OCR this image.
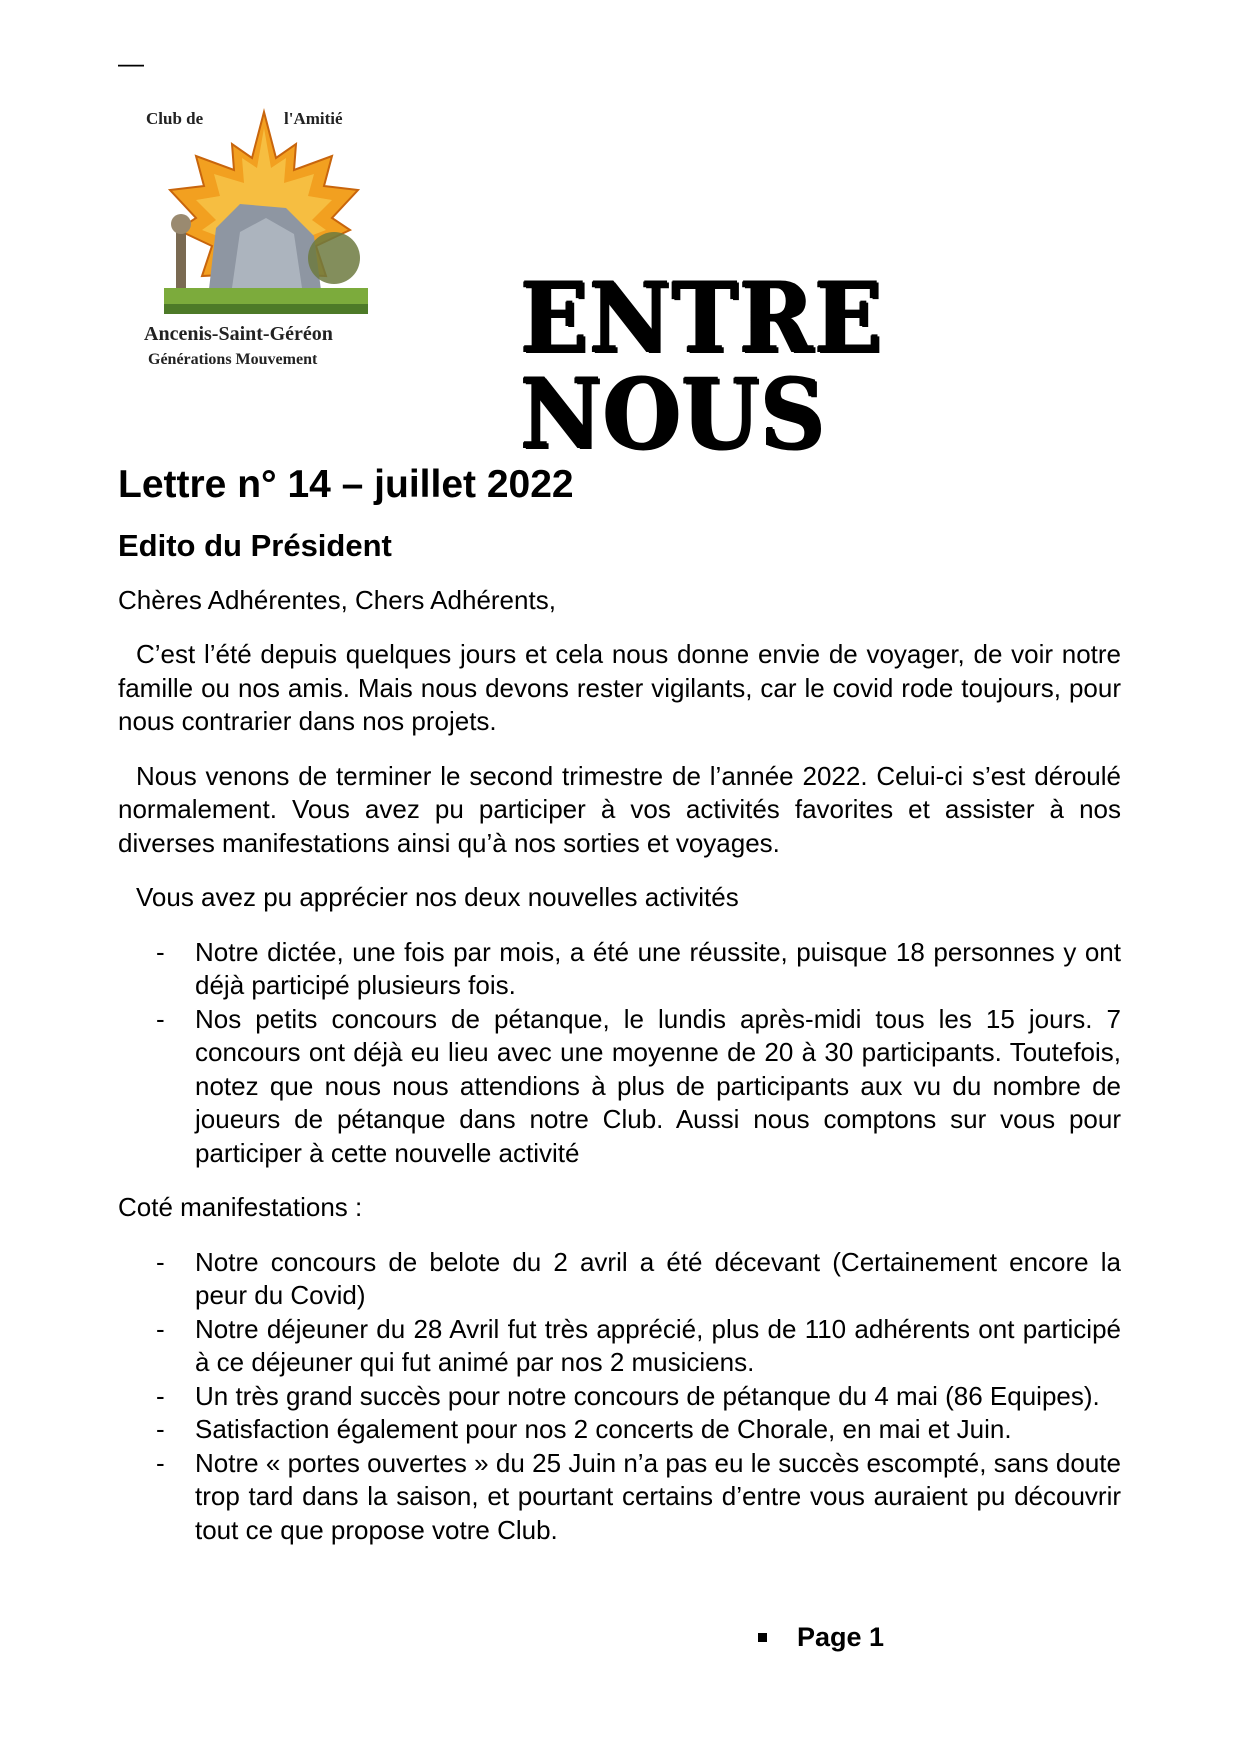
—
Club de	l'Amitié
Ancenis-Saint-Géréon
Générations Mouvement ENTRE NOUS
Lettre n° 14 – juillet 2022
Edito du Président

Chères Adhérentes, Chers Adhérents,

C’est l’été depuis quelques jours et cela nous donne envie de voyager, de voir notre famille ou nos amis. Mais nous devons rester vigilants, car le covid rode toujours, pour nous contrarier dans nos projets.

Nous venons de terminer le second trimestre de l’année 2022. Celui-ci s’est déroulé normalement. Vous avez pu participer à vos activités favorites et assister à nos diverses manifestations ainsi qu’à nos sorties et voyages.

Vous avez pu apprécier nos deux nouvelles activités

- Notre dictée, une fois par mois, a été une réussite, puisque 18 personnes y ont déjà participé plusieurs fois.
- Nos petits concours de pétanque, le lundis après-midi tous les 15 jours. 7 concours ont déjà eu lieu avec une moyenne de 20 à 30 participants. Toutefois, notez que nous nous attendions à plus de participants aux vu du nombre de joueurs de pétanque dans notre Club. Aussi nous comptons sur vous pour participer à cette nouvelle activité

Coté manifestations :

- Notre concours de belote du 2 avril a été décevant (Certainement encore la peur du Covid)
- Notre déjeuner du 28 Avril fut très apprécié, plus de 110 adhérents ont participé à ce déjeuner qui fut animé par nos 2 musiciens.
- Un très grand succès pour notre concours de pétanque du 4 mai (86 Equipes).
- Satisfaction également pour nos 2 concerts de Chorale, en mai et Juin.
- Notre « portes ouvertes » du 25 Juin n’a pas eu le succès escompté, sans doute trop tard dans la saison, et pourtant certains d’entre vous auraient pu découvrir tout ce que propose votre Club.
Page 1
